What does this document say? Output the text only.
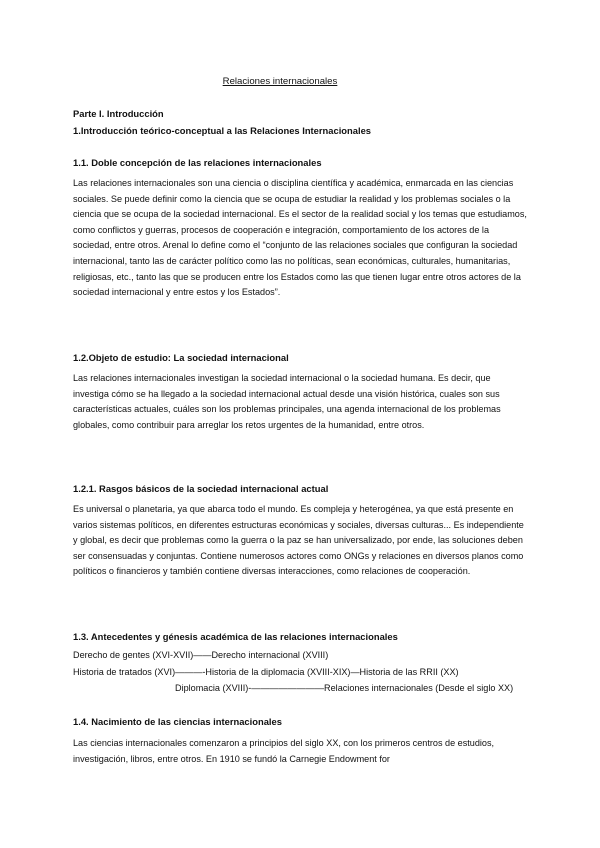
Relaciones internacionales
Parte I. Introducción
1.Introducción teórico-conceptual a las Relaciones Internacionales
1.1. Doble concepción de las relaciones internacionales

Las relaciones internacionales son una ciencia o disciplina científica y académica, enmarcada en las ciencias sociales. Se puede definir como la ciencia que se ocupa de estudiar la realidad y los problemas sociales o la ciencia que se ocupa de la sociedad internacional. Es el sector de la realidad social y los temas que estudiamos, como conflictos y guerras, procesos de cooperación e integración, comportamiento de los actores de la sociedad, entre otros. Arenal lo define como el “conjunto de las relaciones sociales que configuran la sociedad internacional, tanto las de carácter político como las no políticas, sean económicas, culturales, humanitarias, religiosas, etc., tanto las que se producen entre los Estados como las que tienen lugar entre otros actores de la sociedad internacional y entre estos y los Estados”.

1.2.Objeto de estudio: La sociedad internacional

Las relaciones internacionales investigan la sociedad internacional o la sociedad humana. Es decir, que investiga cómo se ha llegado a la sociedad internacional actual desde una visión histórica, cuales son sus características actuales, cuáles son los problemas principales, una agenda internacional de los problemas globales, como contribuir para arreglar los retos urgentes de la humanidad, entre otros.

1.2.1. Rasgos básicos de la sociedad internacional actual

Es universal o planetaria, ya que abarca todo el mundo. Es compleja y heterogénea, ya que está presente en varios sistemas políticos, en diferentes estructuras económicas y sociales, diversas culturas... Es independiente y global, es decir que problemas como la guerra o la paz se han universalizado, por ende, las soluciones deben ser consensuadas y conjuntas. Contiene numerosos actores como ONGs y relaciones en diversos planos como políticos o financieros y también contiene diversas interacciones, como relaciones de cooperación.

1.3. Antecedentes y génesis académica de las relaciones internacionales
Derecho de gentes (XVI-XVII)——Derecho internacional (XVIII)
Historia de tratados (XVI)———-Historia de la diplomacia (XVIII-XIX)—Historia de las RRII (XX)
Diplomacia (XVIII)-————————Relaciones internacionales (Desde el siglo XX)
1.4. Nacimiento de las ciencias internacionales

Las ciencias internacionales comenzaron a principios del siglo XX, con los primeros centros de estudios, investigación, libros, entre otros. En 1910 se fundó la Carnegie Endowment for
